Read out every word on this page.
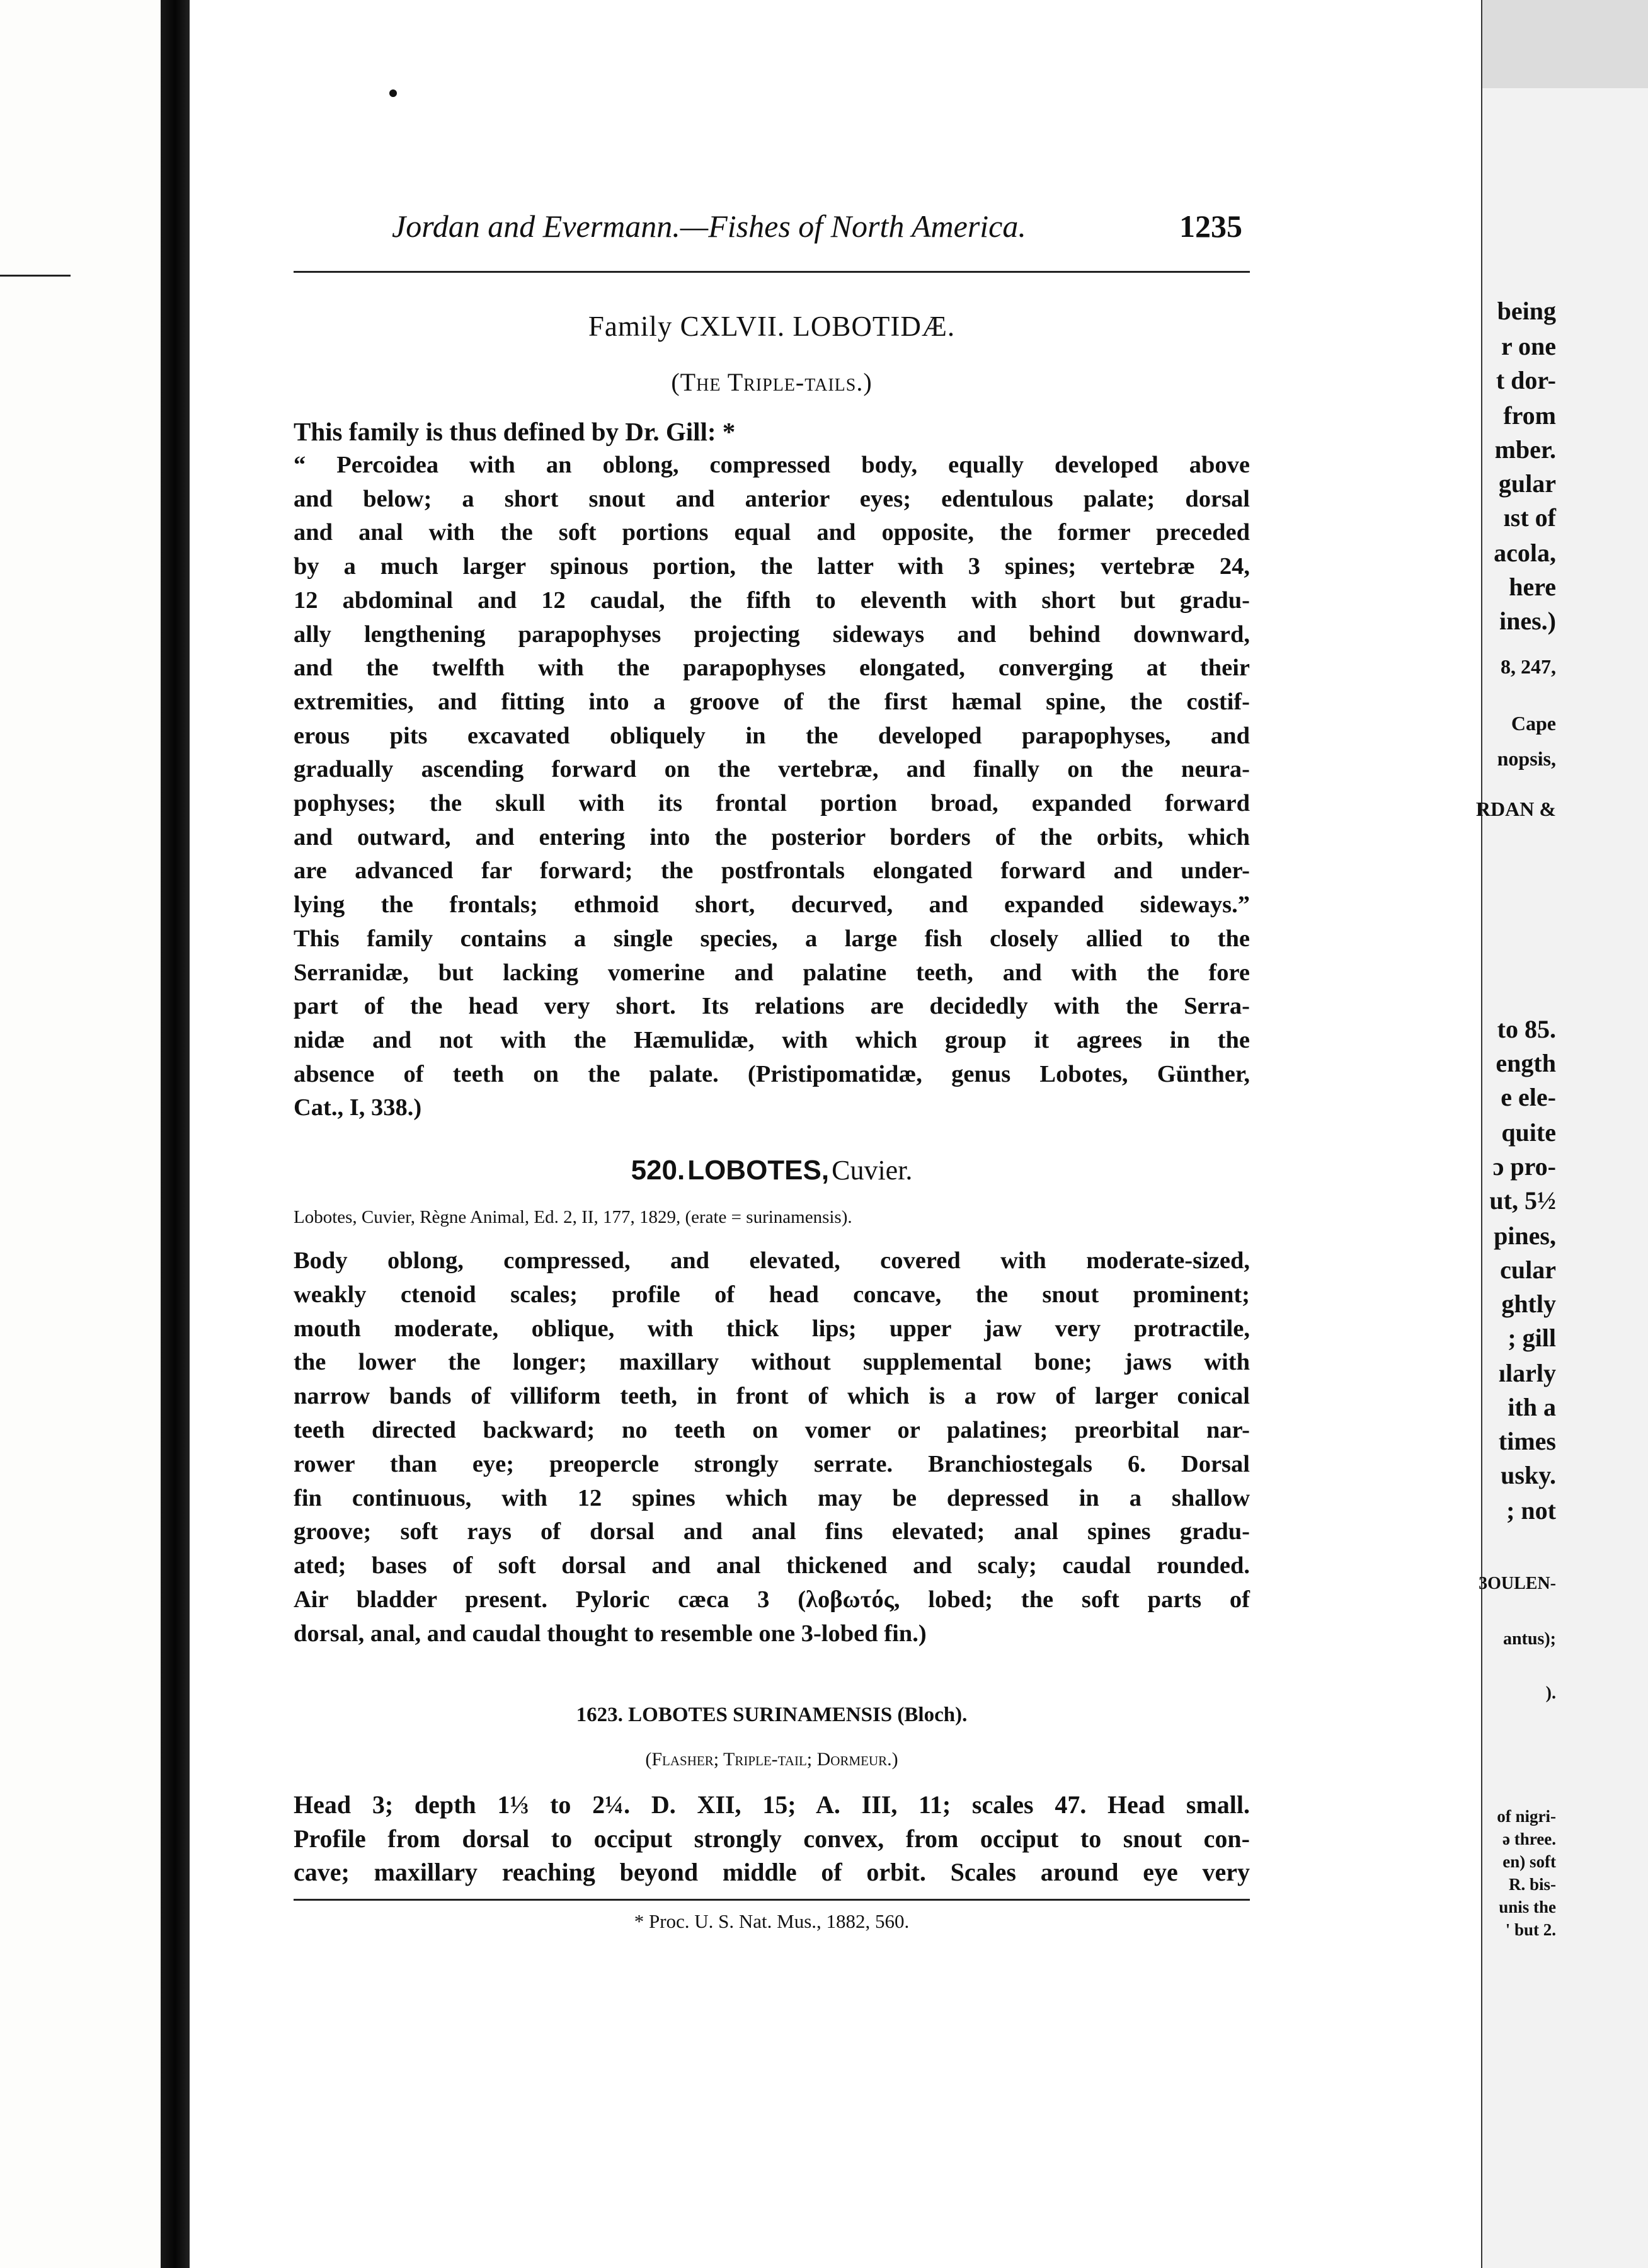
being
r one
t dor-
from
mber.
gular
ıst of
acola,
here
ines.)
8, 247,
Cape
nopsis,
RDAN &
to 85.
ength
e ele-
quite
ɔ pro-
ut, 5½
pines,
cular
ghtly
; gill
ılarly
ith a
times
usky.
; not
3OULEN-
antus);
).
of nigri-
ə three.
en) soft
R. bis-
unis the
' but 2.
Jordan and Evermann.—Fishes of North America.	1235
Family CXLVII. LOBOTIDÆ.
(The Triple-tails.)
This family is thus defined by Dr. Gill: *
“ Percoidea with an oblong, compressed body, equally developed above
and below; a short snout and anterior eyes; edentulous palate; dorsal
and anal with the soft portions equal and opposite, the former preceded
by a much larger spinous portion, the latter with 3 spines; vertebræ 24,
12 abdominal and 12 caudal, the fifth to eleventh with short but gradu-
ally lengthening parapophyses projecting sideways and behind downward,
and the twelfth with the parapophyses elongated, converging at their
extremities, and fitting into a groove of the first hæmal spine, the costif-
erous pits excavated obliquely in the developed parapophyses, and
gradually ascending forward on the vertebræ, and finally on the neura-
pophyses; the skull with its frontal portion broad, expanded forward
and outward, and entering into the posterior borders of the orbits, which
are advanced far forward; the postfrontals elongated forward and under-
lying the frontals; ethmoid short, decurved, and expanded sideways.”
This family contains a single species, a large fish closely allied to the
Serranidæ, but lacking vomerine and palatine teeth, and with the fore
part of the head very short. Its relations are decidedly with the Serra-
nidæ and not with the Hæmulidæ, with which group it agrees in the
absence of teeth on the palate. (Pristipomatidæ, genus Lobotes, Günther,
Cat., I, 338.)
520. LOBOTES, Cuvier.
Lobotes, Cuvier, Règne Animal, Ed. 2, II, 177, 1829, (erate = surinamensis).
Body oblong, compressed, and elevated, covered with moderate-sized,
weakly ctenoid scales; profile of head concave, the snout prominent;
mouth moderate, oblique, with thick lips; upper jaw very protractile,
the lower the longer; maxillary without supplemental bone; jaws with
narrow bands of villiform teeth, in front of which is a row of larger conical
teeth directed backward; no teeth on vomer or palatines; preorbital nar-
rower than eye; preopercle strongly serrate. Branchiostegals 6. Dorsal
fin continuous, with 12 spines which may be depressed in a shallow
groove; soft rays of dorsal and anal fins elevated; anal spines gradu-
ated; bases of soft dorsal and anal thickened and scaly; caudal rounded.
Air bladder present. Pyloric cæca 3 (λοβωτός, lobed; the soft parts of
dorsal, anal, and caudal thought to resemble one 3-lobed fin.)
1623. LOBOTES SURINAMENSIS (Bloch).
(Flasher; Triple-tail; Dormeur.)
Head 3; depth 1⅓ to 2¼. D. XII, 15; A. III, 11; scales 47. Head small.
Profile from dorsal to occiput strongly convex, from occiput to snout con-
cave; maxillary reaching beyond middle of orbit. Scales around eye very
* Proc. U. S. Nat. Mus., 1882, 560.
